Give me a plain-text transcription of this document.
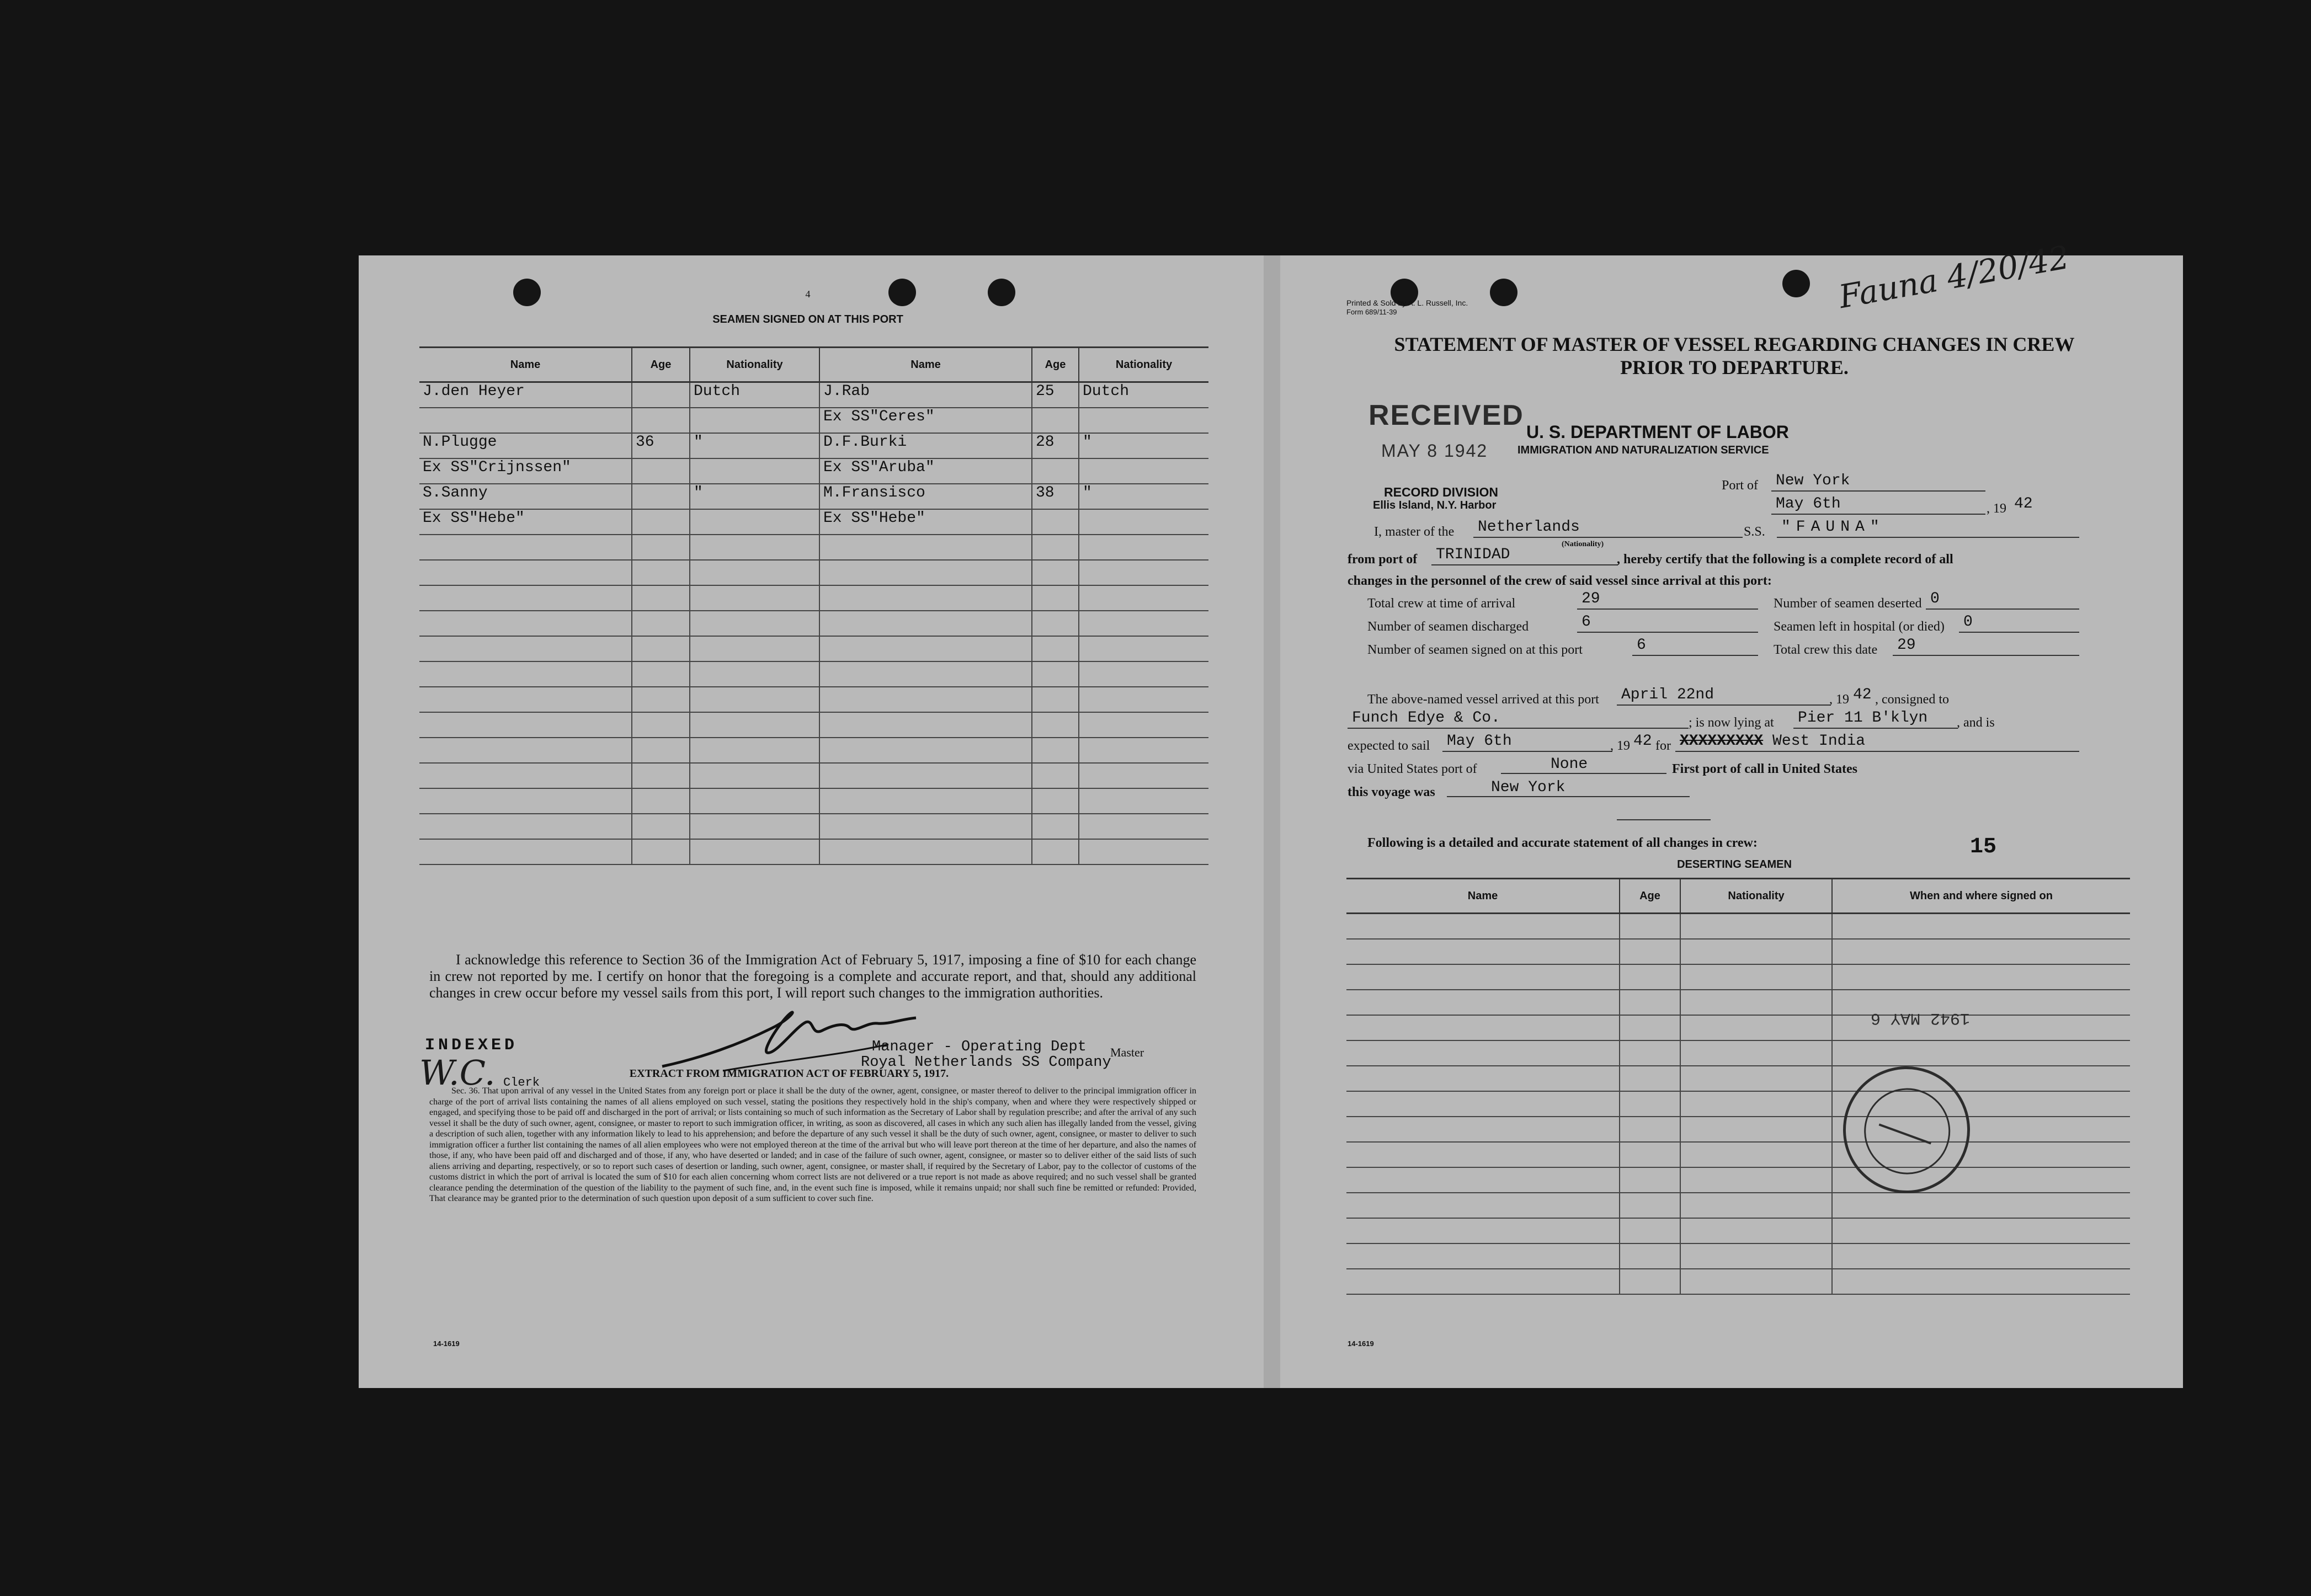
4
SEAMEN SIGNED ON AT THIS PORT
Name	Age	Nationality	Name	Age	Nationality
J.den Heyer		Dutch	J.Rab	25	Dutch
			Ex SS"Ceres"		
N.Plugge	36	"	D.F.Burki	28	"
Ex SS"Crijnssen"			Ex SS"Aruba"		
S.Sanny		"	M.Fransisco	38	"
Ex SS"Hebe"			Ex SS"Hebe"		

I acknowledge this reference to Section 36 of the Immigration Act of February 5, 1917, imposing a fine of $10 for each change in crew not reported by me. I certify on honor that the foregoing is a complete and accurate report, and that, should any additional changes in crew occur before my vessel sails from this port, I will report such changes to the immigration authorities.
INDEXED
W.C. Clerk
Manager - Operating Dept
Royal Netherlands SS Company
Master
EXTRACT FROM IMMIGRATION ACT OF FEBRUARY 5, 1917.
Sec. 36. That upon arrival of any vessel in the United States from any foreign port or place it shall be the duty of the owner, agent, consignee, or master thereof to deliver to the principal immigration officer in charge of the port of arrival lists containing the names of all aliens employed on such vessel, stating the positions they respectively hold in the ship's company, when and where they were respectively shipped or engaged, and specifying those to be paid off and discharged in the port of arrival; or lists containing so much of such information as the Secretary of Labor shall by regulation prescribe; and after the arrival of any such vessel it shall be the duty of such owner, agent, consignee, or master to report to such immigration officer, in writing, as soon as discovered, all cases in which any such alien has illegally landed from the vessel, giving a description of such alien, together with any information likely to lead to his apprehension; and before the departure of any such vessel it shall be the duty of such owner, agent, consignee, or master to deliver to such immigration officer a further list containing the names of all alien employees who were not employed thereon at the time of the arrival but who will leave port thereon at the time of her departure, and also the names of those, if any, who have been paid off and discharged and of those, if any, who have deserted or landed; and in case of the failure of such owner, agent, consignee, or master so to deliver either of the said lists of such aliens arriving and departing, respectively, or so to report such cases of desertion or landing, such owner, agent, consignee, or master shall, if required by the Secretary of Labor, pay to the collector of customs of the customs district in which the port of arrival is located the sum of $10 for each alien concerning whom correct lists are not delivered or a true report is not made as above required; and no such vessel shall be granted clearance pending the determination of the question of the liability to the payment of such fine, and, in the event such fine is imposed, while it remains unpaid; nor shall such fine be remitted or refunded: Provided, That clearance may be granted prior to the determination of such question upon deposit of a sum sufficient to cover such fine.
14-1619
Printed & Sold by A. L. Russell, Inc.
Form 689/11-39	Fauna 4/20/42
STATEMENT OF MASTER OF VESSEL REGARDING CHANGES IN CREW
PRIOR TO DEPARTURE.
RECEIVED
MAY 8 1942
U. S. DEPARTMENT OF LABOR
IMMIGRATION AND NATURALIZATION SERVICE
RECORD DIVISION
Ellis Island, N.Y. Harbor
Port of New York
May 6th	, 19 42
I, master of the Netherlands
(Nationality)
S.S. "FAUNA"
from port of TRINIDAD	, hereby certify that the following is a complete record of all
changes in the personnel of the crew of said vessel since arrival at this port:
Total crew at time of arrival	29	Number of seamen deserted 0
Number of seamen discharged	6	Seamen left in hospital (or died) 0
Number of seamen signed on at this port	6	Total crew this date 29
The above-named vessel arrived at this port April 22nd	, 19 42 , consigned to
Funch Edye & Co.	; is now lying at Pier 11 B'klyn	, and is
expected to sail May 6th	, 19 42 for XXXXXXXXX West India
via United States port of	None	First port of call in United States
this voyage was	New York
Following is a detailed and accurate statement of all changes in crew:	15
DESERTING SEAMEN
Name	Age	Nationality	When and where signed on

1942 MAY 6
14-1619
